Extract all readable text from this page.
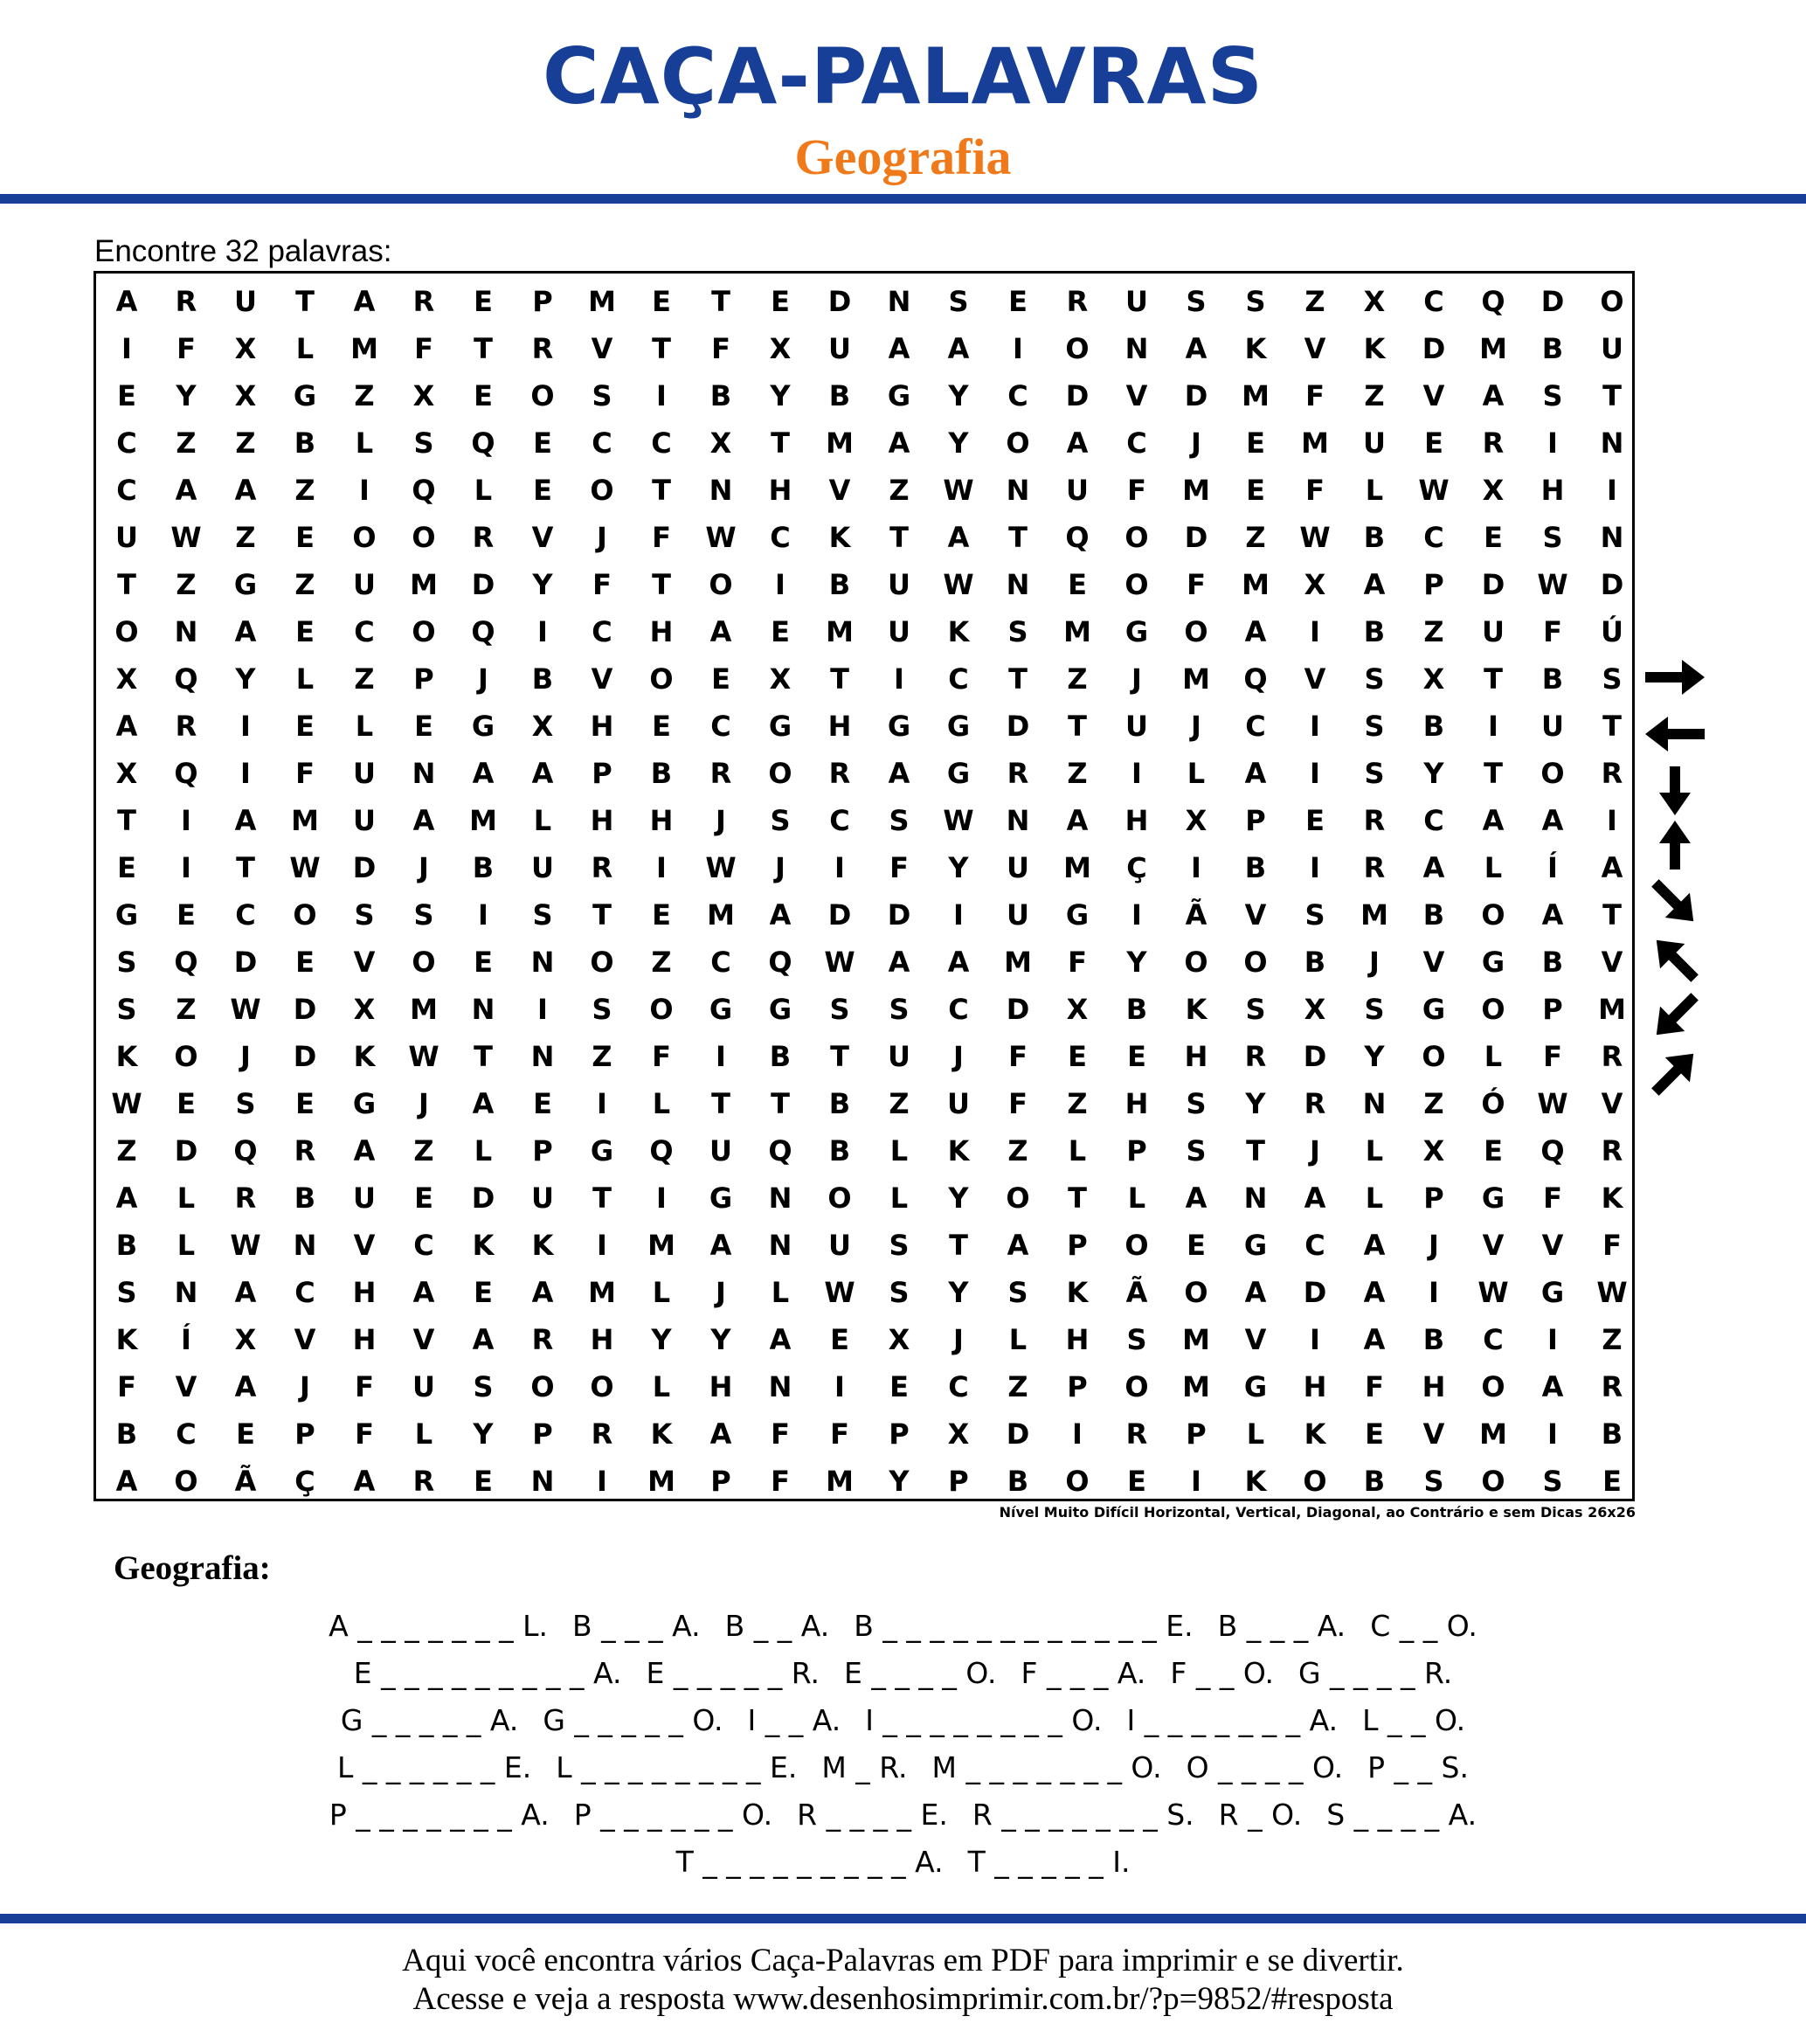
CAÇA-PALAVRAS
Geografia
Encontre 32 palavras:
A	R	U	T	A	R	E	P	M	E	T	E	D	N	S	E	R	U	S	S	Z	X	C	Q	D	O
I	F	X	L	M	F	T	R	V	T	F	X	U	A	A	I	O	N	A	K	V	K	D	M	B	U
E	Y	X	G	Z	X	E	O	S	I	B	Y	B	G	Y	C	D	V	D	M	F	Z	V	A	S	T
C	Z	Z	B	L	S	Q	E	C	C	X	T	M	A	Y	O	A	C	J	E	M	U	E	R	I	N
C	A	A	Z	I	Q	L	E	O	T	N	H	V	Z	W	N	U	F	M	E	F	L	W	X	H	I
U	W	Z	E	O	O	R	V	J	F	W	C	K	T	A	T	Q	O	D	Z	W	B	C	E	S	N
T	Z	G	Z	U	M	D	Y	F	T	O	I	B	U	W	N	E	O	F	M	X	A	P	D	W	D
O	N	A	E	C	O	Q	I	C	H	A	E	M	U	K	S	M	G	O	A	I	B	Z	U	F	Ú
X	Q	Y	L	Z	P	J	B	V	O	E	X	T	I	C	T	Z	J	M	Q	V	S	X	T	B	S
A	R	I	E	L	E	G	X	H	E	C	G	H	G	G	D	T	U	J	C	I	S	B	I	U	T
X	Q	I	F	U	N	A	A	P	B	R	O	R	A	G	R	Z	I	L	A	I	S	Y	T	O	R
T	I	A	M	U	A	M	L	H	H	J	S	C	S	W	N	A	H	X	P	E	R	C	A	A	I
E	I	T	W	D	J	B	U	R	I	W	J	I	F	Y	U	M	Ç	I	B	I	R	A	L	Í	A
G	E	C	O	S	S	I	S	T	E	M	A	D	D	I	U	G	I	Ã	V	S	M	B	O	A	T
S	Q	D	E	V	O	E	N	O	Z	C	Q	W	A	A	M	F	Y	O	O	B	J	V	G	B	V
S	Z	W	D	X	M	N	I	S	O	G	G	S	S	C	D	X	B	K	S	X	S	G	O	P	M
K	O	J	D	K	W	T	N	Z	F	I	B	T	U	J	F	E	E	H	R	D	Y	O	L	F	R
W	E	S	E	G	J	A	E	I	L	T	T	B	Z	U	F	Z	H	S	Y	R	N	Z	Ó	W	V
Z	D	Q	R	A	Z	L	P	G	Q	U	Q	B	L	K	Z	L	P	S	T	J	L	X	E	Q	R
A	L	R	B	U	E	D	U	T	I	G	N	O	L	Y	O	T	L	A	N	A	L	P	G	F	K
B	L	W	N	V	C	K	K	I	M	A	N	U	S	T	A	P	O	E	G	C	A	J	V	V	F
S	N	A	C	H	A	E	A	M	L	J	L	W	S	Y	S	K	Ã	O	A	D	A	I	W	G	W
K	Í	X	V	H	V	A	R	H	Y	Y	A	E	X	J	L	H	S	M	V	I	A	B	C	I	Z
F	V	A	J	F	U	S	O	O	L	H	N	I	E	C	Z	P	O	M	G	H	F	H	O	A	R
B	C	E	P	F	L	Y	P	R	K	A	F	F	P	X	D	I	R	P	L	K	E	V	M	I	B
A	O	Ã	Ç	A	R	E	N	I	M	P	F	M	Y	P	B	O	E	I	K	O	B	S	O	S	E
Nível Muito Difícil Horizontal, Vertical, Diagonal, ao Contrário e sem Dicas 26x26
Geografia:
A _ _ _ _ _ _ _ L. B _ _ _ A. B _ _ A. B _ _ _ _ _ _ _ _ _ _ _ _ E. B _ _ _ A. C _ _ O.
E _ _ _ _ _ _ _ _ _ A. E _ _ _ _ _ R. E _ _ _ _ O. F _ _ _ A. F _ _ O. G _ _ _ _ R.
G _ _ _ _ _ A. G _ _ _ _ _ O. I _ _ A. I _ _ _ _ _ _ _ _ O. I _ _ _ _ _ _ _ A. L _ _ O.
L _ _ _ _ _ _ E. L _ _ _ _ _ _ _ _ E. M _ R. M _ _ _ _ _ _ _ O. O _ _ _ _ O. P _ _ S.
P _ _ _ _ _ _ _ A. P _ _ _ _ _ _ O. R _ _ _ _ E. R _ _ _ _ _ _ _ S. R _ O. S _ _ _ _ A.
T _ _ _ _ _ _ _ _ _ A. T _ _ _ _ _ I.
Aqui você encontra vários Caça-Palavras em PDF para imprimir e se divertir.
Acesse e veja a resposta www.desenhosimprimir.com.br/?p=9852/#resposta
